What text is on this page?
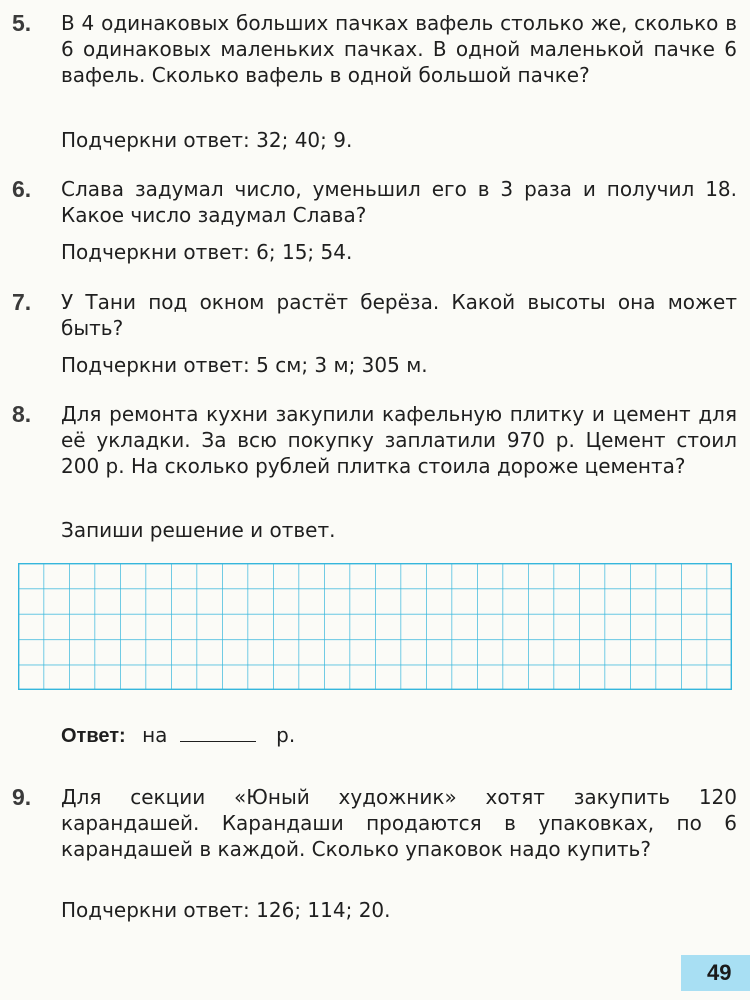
5. В 4 одинаковых больших пачках вафель столько же, сколько в 6 одинаковых маленьких пачках. В одной маленькой пачке 6 вафель. Сколько вафель в одной большой пачке?

Подчеркни ответ: 32; 40; 9.
6. Слава задумал число, уменьшил его в 3 раза и получил 18. Какое число задумал Слава?

Подчеркни ответ: 6; 15; 54.
7. У Тани под окном растёт берёза. Какой высоты она может быть?

Подчеркни ответ: 5 см; 3 м; 305 м.
8. Для ремонта кухни закупили кафельную плитку и цемент для её укладки. За всю покупку заплатили 970 р. Цемент стоил 200 р. На сколько рублей плитка стоила дороже цемента?

Запиши решение и ответ.
Ответ: на	р.
9. Для секции «Юный художник» хотят закупить 120 карандашей. Карандаши продаются в упаковках, по 6 карандашей в каждой. Сколько упаковок надо купить?

Подчеркни ответ: 126; 114; 20.
49
